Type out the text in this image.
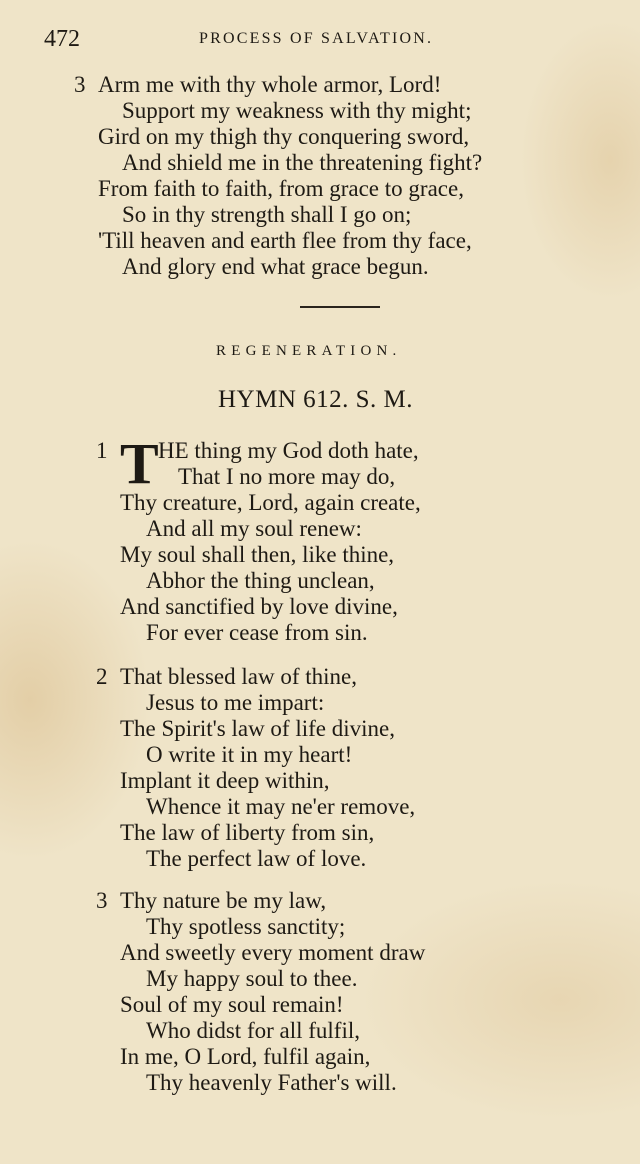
472	PROCESS OF SALVATION.
3 Arm me with thy whole armor, Lord!
Support my weakness with thy might;
Gird on my thigh thy conquering sword,
And shield me in the threatening fight?
From faith to faith, from grace to grace,
So in thy strength shall I go on;
'Till heaven and earth flee from thy face,
And glory end what grace begun.
REGENERATION.
HYMN 612. S. M.
1 T HE thing my God doth hate,
That I no more may do,
Thy creature, Lord, again create,
And all my soul renew:
My soul shall then, like thine,
Abhor the thing unclean,
And sanctified by love divine,
For ever cease from sin.
2 That blessed law of thine,
Jesus to me impart:
The Spirit's law of life divine,
O write it in my heart!
Implant it deep within,
Whence it may ne'er remove,
The law of liberty from sin,
The perfect law of love.
3 Thy nature be my law,
Thy spotless sanctity;
And sweetly every moment draw
My happy soul to thee.
Soul of my soul remain!
Who didst for all fulfil,
In me, O Lord, fulfil again,
Thy heavenly Father's will.
